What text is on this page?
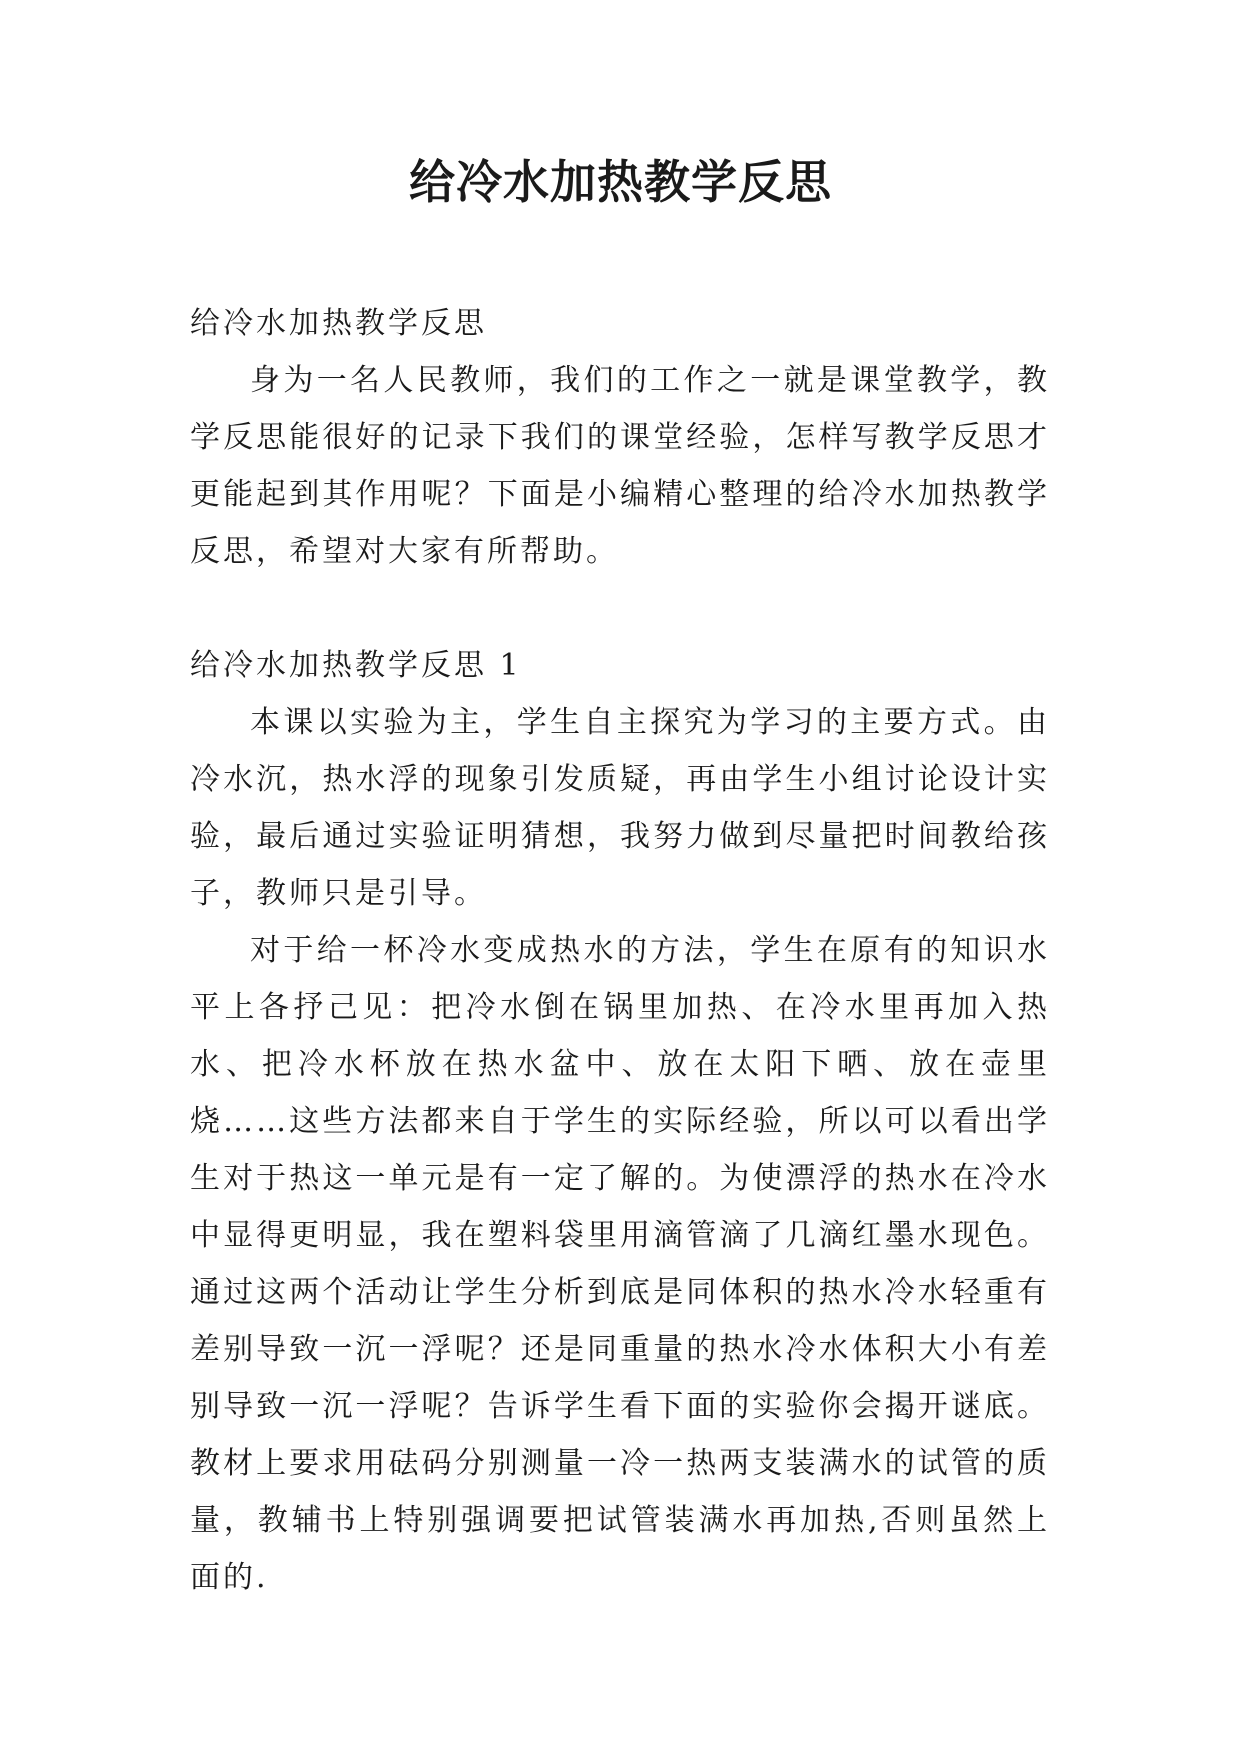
给冷水加热教学反思

给冷水加热教学反思

身为一名人民教师，我们的工作之一就是课堂教学，教学反思能很好的记录下我们的课堂经验，怎样写教学反思才更能起到其作用呢？下面是小编精心整理的给冷水加热教学反思，希望对大家有所帮助。

给冷水加热教学反思 1

本课以实验为主，学生自主探究为学习的主要方式。由冷水沉，热水浮的现象引发质疑，再由学生小组讨论设计实验，最后通过实验证明猜想，我努力做到尽量把时间教给孩子，教师只是引导。

对于给一杯冷水变成热水的方法，学生在原有的知识水平上各抒己见：把冷水倒在锅里加热、在冷水里再加入热水、把冷水杯放在热水盆中、放在太阳下晒、放在壶里烧……这些方法都来自于学生的实际经验，所以可以看出学生对于热这一单元是有一定了解的。为使漂浮的热水在冷水中显得更明显，我在塑料袋里用滴管滴了几滴红墨水现色。通过这两个活动让学生分析到底是同体积的热水冷水轻重有差别导致一沉一浮呢？还是同重量的热水冷水体积大小有差别导致一沉一浮呢？告诉学生看下面的实验你会揭开谜底。教材上要求用砝码分别测量一冷一热两支装满水的试管的质量，教辅书上特别强调要把试管装满水再加热,否则虽然上面的.
